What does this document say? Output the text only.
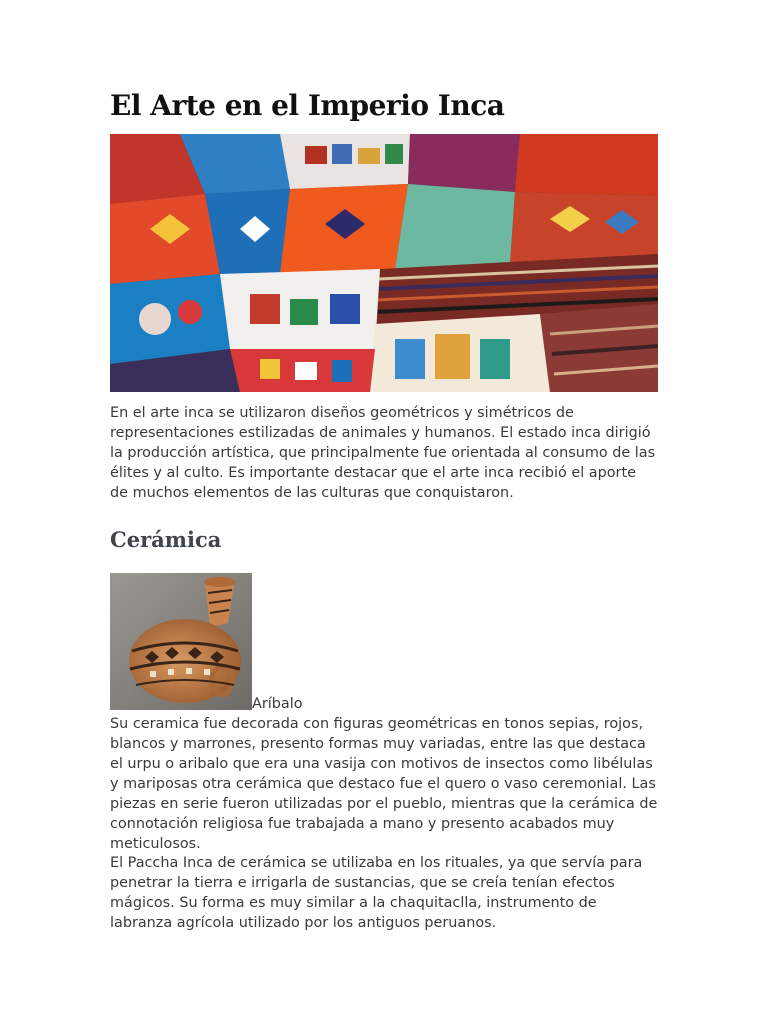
El Arte en el Imperio Inca

En el arte inca se utilizaron diseños geométricos y simétricos de representaciones estilizadas de animales y humanos. El estado inca dirigió la producción artística, que principalmente fue orientada al consumo de las élites y al culto. Es importante destacar que el arte inca recibió el aporte de muchos elementos de las culturas que conquistaron.

Cerámica
Aríbalo

Su ceramica fue decorada con figuras geométricas en tonos sepias, rojos, blancos y marrones, presento formas muy variadas, entre las que destaca el urpu o aribalo que era una vasija con motivos de insectos como libélulas y mariposas otra cerámica que destaco fue el quero o vaso ceremonial. Las piezas en serie fueron utilizadas por el pueblo, mientras que la cerámica de connotación religiosa fue trabajada a mano y presento acabados muy meticulosos.

El Paccha Inca de cerámica se utilizaba en los rituales, ya que servía para penetrar la tierra e irrigarla de sustancias, que se creía tenían efectos mágicos. Su forma es muy similar a la chaquitaclla, instrumento de labranza agrícola utilizado por los antiguos peruanos.
